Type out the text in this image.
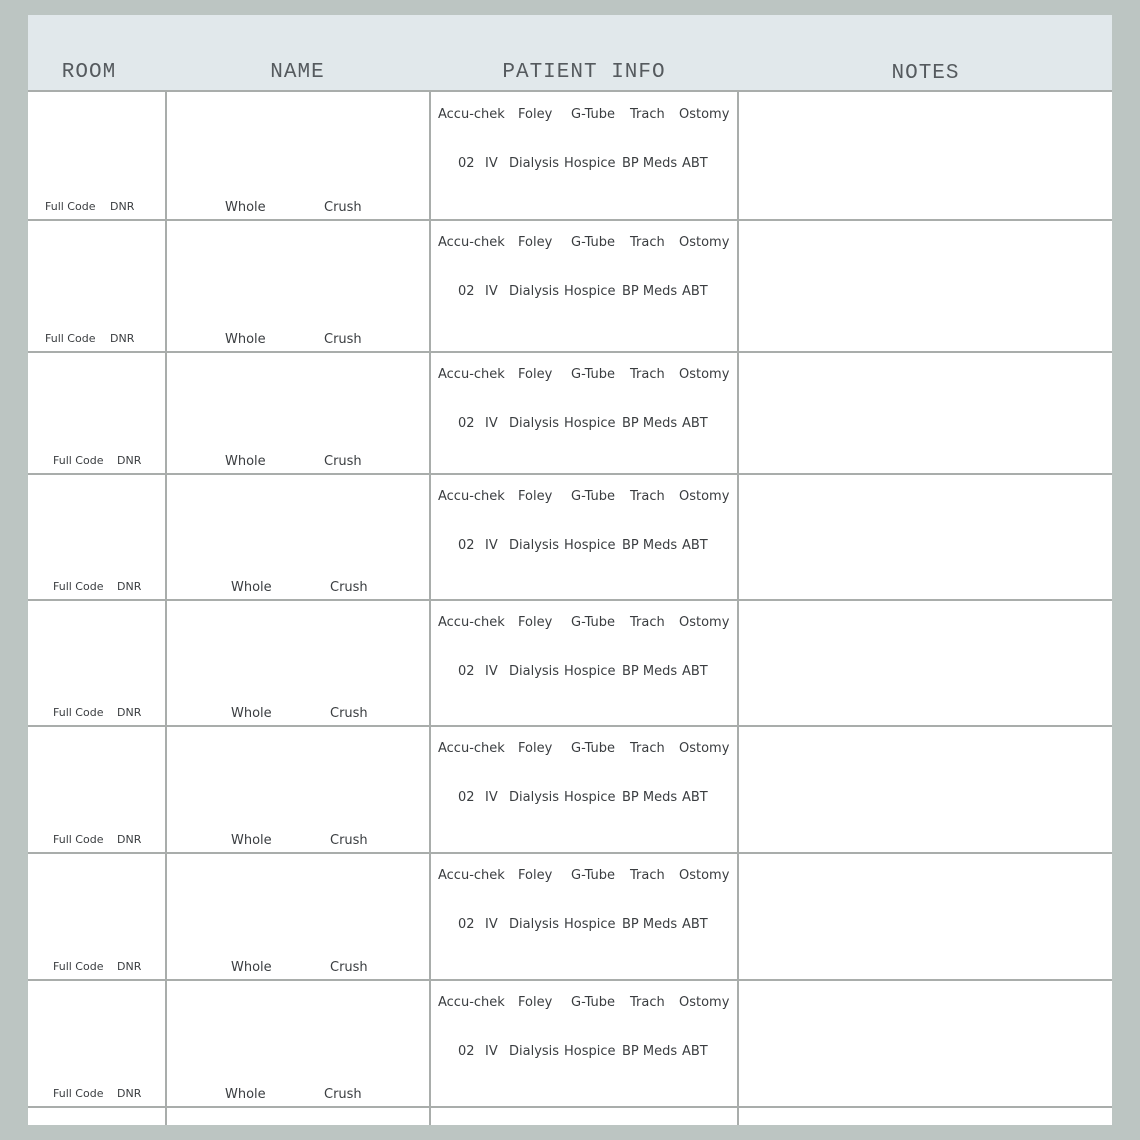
ROOM	NAME	PATIENT INFO	NOTES
Full Code DNR	Whole	Crush
Accu-chek Foley G-Tube Trach Ostomy
02 IV Dialysis Hospice BP Meds ABT
Full Code DNR	Whole	Crush
Accu-chek Foley G-Tube Trach Ostomy
02 IV Dialysis Hospice BP Meds ABT
Full Code DNR	Whole	Crush
Accu-chek Foley G-Tube Trach Ostomy
02 IV Dialysis Hospice BP Meds ABT
Full Code DNR	Whole	Crush
Accu-chek Foley G-Tube Trach Ostomy
02 IV Dialysis Hospice BP Meds ABT
Full Code DNR	Whole	Crush
Accu-chek Foley G-Tube Trach Ostomy
02 IV Dialysis Hospice BP Meds ABT
Full Code DNR	Whole	Crush
Accu-chek Foley G-Tube Trach Ostomy
02 IV Dialysis Hospice BP Meds ABT
Full Code DNR	Whole	Crush
Accu-chek Foley G-Tube Trach Ostomy
02 IV Dialysis Hospice BP Meds ABT
Full Code DNR	Whole	Crush
Accu-chek Foley G-Tube Trach Ostomy
02 IV Dialysis Hospice BP Meds ABT
